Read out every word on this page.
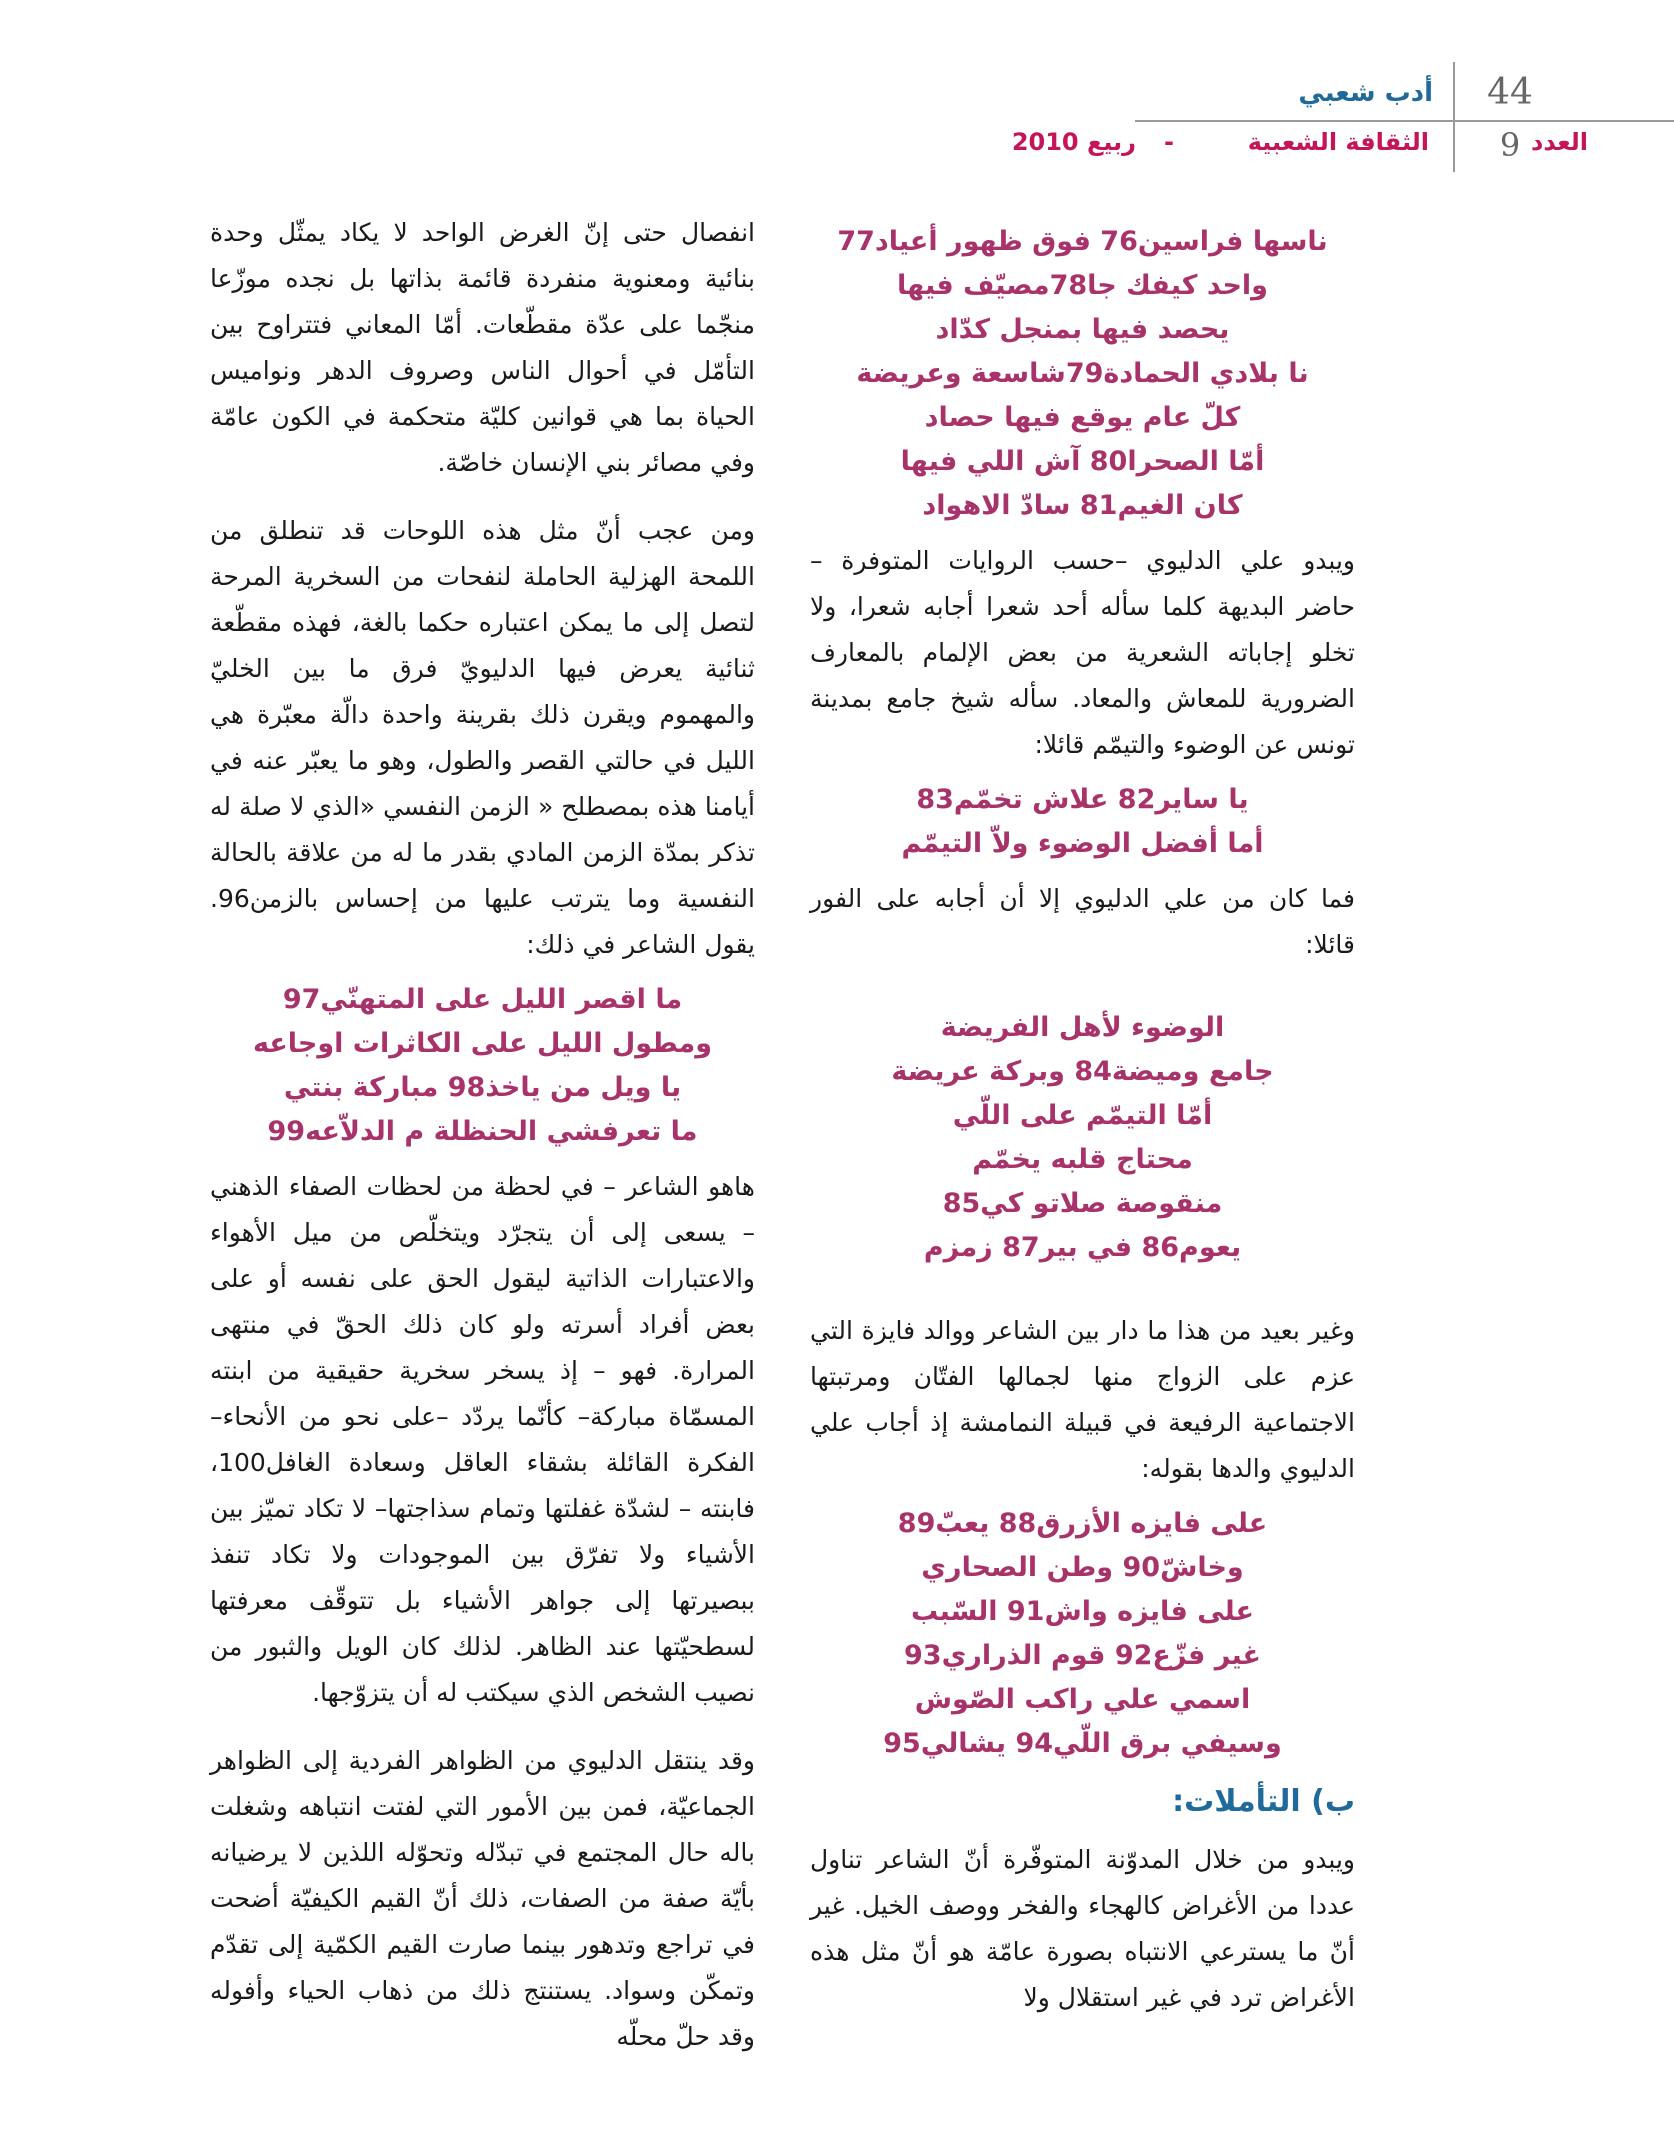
44
9
أدب شعبي
العدد
الثقافة الشعبية
-
ربيع 2010
ناسها فراسين76 فوق ظهور أعياد77
واحد كيفك جا78مصيّف فيها
يحصد فيها بمنجل كدّاد
نا بلادي الحمادة79شاسعة وعريضة
كلّ عام يوقع فيها حصاد
أمّا الصحرا80 آش اللي فيها
كان الغيم81 سادّ الاهواد

ويبدو علي الدليوي –حسب الروايات المتوفرة – حاضر البديهة كلما سأله أحد شعرا أجابه شعرا، ولا تخلو إجاباته الشعرية من بعض الإلمام بالمعارف الضرورية للمعاش والمعاد. سأله شيخ جامع بمدينة تونس عن الوضوء والتيمّم قائلا:

يا ساير82 علاش تخمّم83
أما أفضل الوضوء ولاّ التيمّم

فما كان من علي الدليوي إلا أن أجابه على الفور قائلا:

الوضوء لأهل الفريضة
جامع وميضة84 وبركة عريضة
أمّا التيمّم على اللّي
محتاج قلبه يخمّم
منقوصة صلاتو كي85
يعوم86 في بير87 زمزم

وغير بعيد من هذا ما دار بين الشاعر ووالد فايزة التي عزم على الزواج منها لجمالها الفتّان ومرتبتها الاجتماعية الرفيعة في قبيلة النمامشة إذ أجاب علي الدليوي والدها بقوله:

على فايزه الأزرق88 يعبّ89
وخاشّ90 وطن الصحاري
على فايزه واش91 السّبب
غير فزّع92 قوم الذراري93
اسمي علي راكب الصّوش
وسيفي برق اللّي94 يشالي95
ب) التأملات:

ويبدو من خلال المدوّنة المتوفّرة أنّ الشاعر تناول عددا من الأغراض كالهجاء والفخر ووصف الخيل. غير أنّ ما يسترعي الانتباه بصورة عامّة هو أنّ مثل هذه الأغراض ترد في غير استقلال ولا

انفصال حتى إنّ الغرض الواحد لا يكاد يمثّل وحدة بنائية ومعنوية منفردة قائمة بذاتها بل نجده موزّعا منجّما على عدّة مقطّعات. أمّا المعاني فتتراوح بين التأمّل في أحوال الناس وصروف الدهر ونواميس الحياة بما هي قوانين كليّة متحكمة في الكون عامّة وفي مصائر بني الإنسان خاصّة.

ومن عجب أنّ مثل هذه اللوحات قد تنطلق من اللمحة الهزلية الحاملة لنفحات من السخرية المرحة لتصل إلى ما يمكن اعتباره حكما بالغة، فهذه مقطّعة ثنائية يعرض فيها الدليويّ فرق ما بين الخليّ والمهموم ويقرن ذلك بقرينة واحدة دالّة معبّرة هي الليل في حالتي القصر والطول، وهو ما يعبّر عنه في أيامنا هذه بمصطلح « الزمن النفسي «الذي لا صلة له تذكر بمدّة الزمن المادي بقدر ما له من علاقة بالحالة النفسية وما يترتب عليها من إحساس بالزمن96. يقول الشاعر في ذلك:

ما اقصر الليل على المتهنّي97
ومطول الليل على الكاثرات اوجاعه
يا ويل من ياخذ98 مباركة بنتي
ما تعرفشي الحنظلة م الدلاّعه99

هاهو الشاعر – في لحظة من لحظات الصفاء الذهني – يسعى إلى أن يتجرّد ويتخلّص من ميل الأهواء والاعتبارات الذاتية ليقول الحق على نفسه أو على بعض أفراد أسرته ولو كان ذلك الحقّ في منتهى المرارة. فهو – إذ يسخر سخرية حقيقية من ابنته المسمّاة مباركة– كأنّما يردّد –على نحو من الأنحاء– الفكرة القائلة بشقاء العاقل وسعادة الغافل100، فابنته – لشدّة غفلتها وتمام سذاجتها– لا تكاد تميّز بين الأشياء ولا تفرّق بين الموجودات ولا تكاد تنفذ ببصيرتها إلى جواهر الأشياء بل تتوقّف معرفتها لسطحيّتها عند الظاهر. لذلك كان الويل والثبور من نصيب الشخص الذي سيكتب له أن يتزوّجها.

وقد ينتقل الدليوي من الظواهر الفردية إلى الظواهر الجماعيّة، فمن بين الأمور التي لفتت انتباهه وشغلت باله حال المجتمع في تبدّله وتحوّله اللذين لا يرضيانه بأيّة صفة من الصفات، ذلك أنّ القيم الكيفيّة أضحت في تراجع وتدهور بينما صارت القيم الكمّية إلى تقدّم وتمكّن وسواد. يستنتج ذلك من ذهاب الحياء وأفوله وقد حلّ محلّه
